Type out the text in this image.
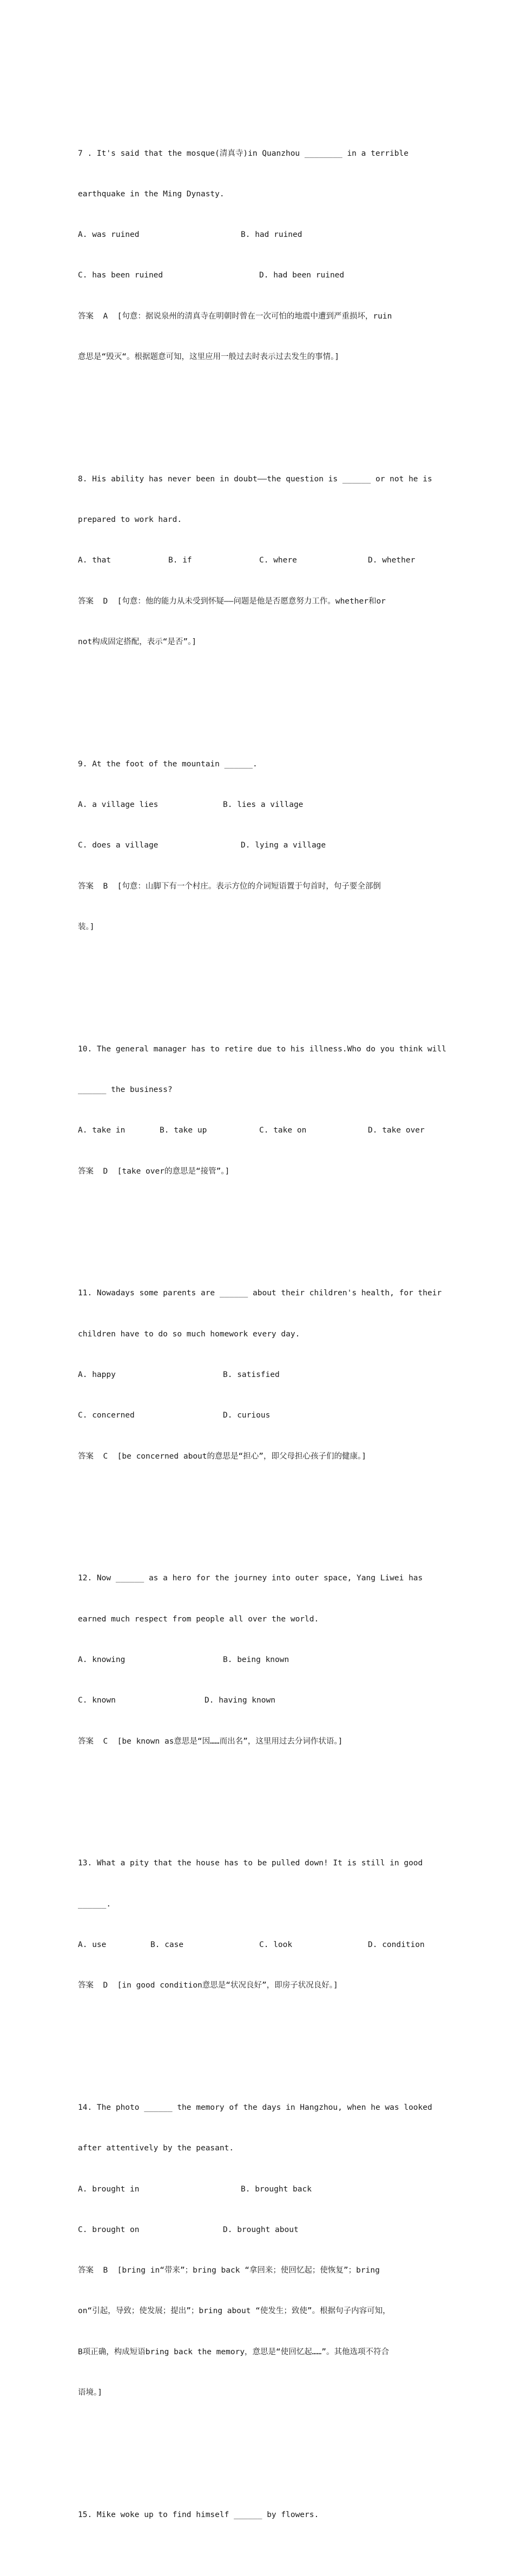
7 . It's said that the mosque(清真寺)in Quanzhou ________ in a terrible

earthquake in the Ming Dynasty.

A. was ruined

	B. had ruined

C. has been ruined

	D. had been ruined

答案  A  [句意：据说泉州的清真寺在明朝时曾在一次可怕的地震中遭到严重损坏，ruin

意思是“毁灭“。根据题意可知，这里应用一般过去时表示过去发生的事情。]

8. His ability has never been in doubt——the question is ______ or not he is

prepared to work hard.

A. that

	B. if

	C. where

	D. whether

答案  D  [句意：他的能力从未受到怀疑——问题是他是否愿意努力工作。whether和or

not构成固定搭配，表示“是否”。]

9. At the foot of the mountain ______.

A. a village lies

	B. lies a village

C. does a village

	D. lying a village

答案  B  [句意：山脚下有一个村庄。表示方位的介词短语置于句首时，句子要全部倒

装。]

10. The general manager has to retire due to his illness.Who do you think will

______ the business?

A. take in

	B. take up

	C. take on

	D. take over

答案  D  [take over的意思是“接管”。]

11. Nowadays some parents are ______ about their children's health, for their

children have to do so much homework every day.

A. happy

	B. satisfied

C. concerned

	D. curious

答案  C  [be concerned about的意思是“担心”，即父母担心孩子们的健康。]

12. Now ______ as a hero for the journey into outer space, Yang Liwei has

earned much respect from people all over the world.

A. knowing

	B. being known

C. known

	D. having known

答案  C  [be known as意思是“因……而出名”，这里用过去分词作状语。]

13. What a pity that the house has to be pulled down! It is still in good

______.

A. use

	B. case

	C. look

	D. condition

答案  D  [in good condition意思是“状况良好”，即房子状况良好。]

14. The photo ______ the memory of the days in Hangzhou, when he was looked

after attentively by the peasant.

A. brought in

	B. brought back

C. brought on

	D. brought about

答案  B  [bring in“带来”；bring back “拿回来；使回忆起；使恢复”；bring

on“引起，导致；使发展；提出”；bring about “使发生；致使”。根据句子内容可知，

B项正确，构成短语bring back the memory，意思是“使回忆起……”。其他选项不符合

语境。]

15. Mike woke up to find himself ______ by flowers.
